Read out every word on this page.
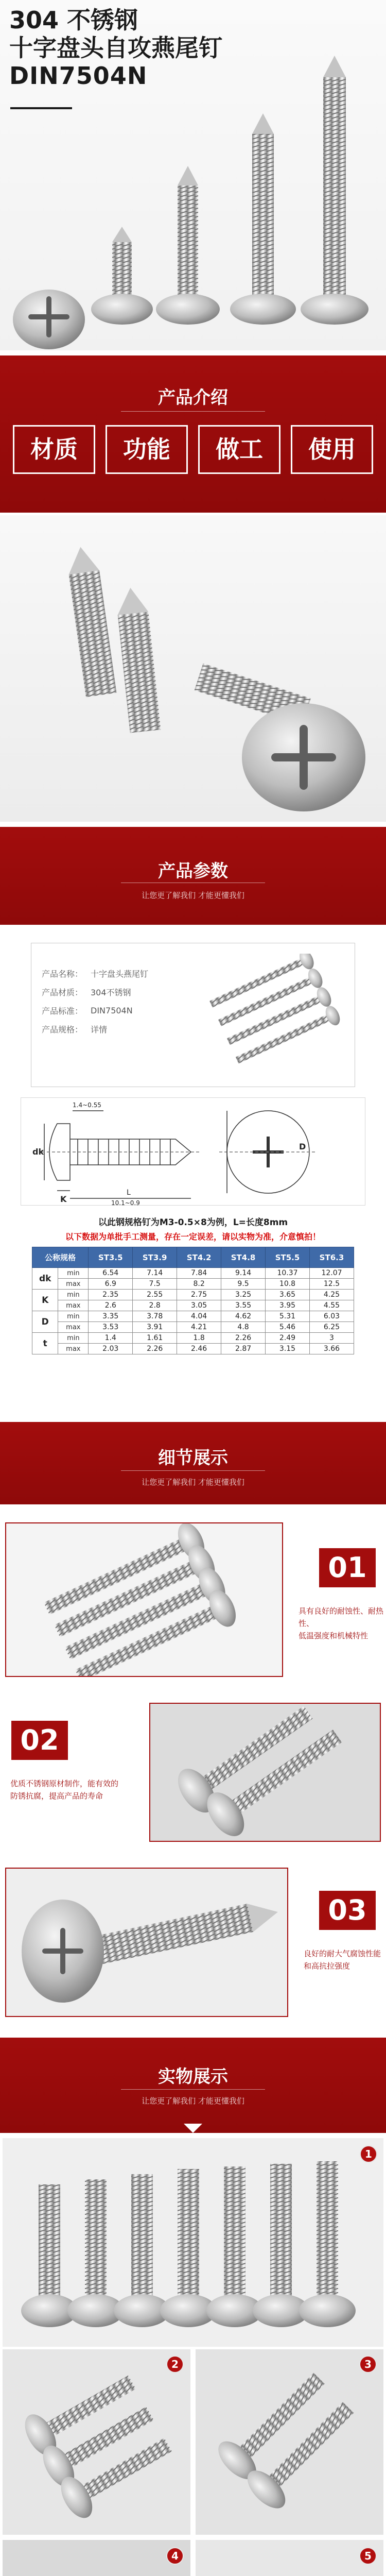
304 不锈钢
十字盘头自攻燕尾钉
DIN7504N
产品介绍
材质	功能	做工	使用
产品参数
让您更了解我们 才能更懂我们
产品名称： 十字盘头燕尾钉
产品材质： 304不锈钢
产品标准： DIN7504N
产品规格： 详情
dk
K
L
D
1.4~0.55
10.1~0.9
以此钢规格钉为M3-0.5×8为例，L=长度8mm
以下数据为单批手工测量，存在一定误差，请以实物为准，介意慎拍！
公称规格		ST3.5	ST3.9	ST4.2	ST4.8	ST5.5	ST6.3
dk	min	6.54	7.14	7.84	9.14	10.37	12.07
	max	6.9	7.5	8.2	9.5	10.8	12.5
K	min	2.35	2.55	2.75	3.25	3.65	4.25
	max	2.6	2.8	3.05	3.55	3.95	4.55
D	min	3.35	3.78	4.04	4.62	5.31	6.03
	max	3.53	3.91	4.21	4.8	5.46	6.25
t	min	1.4	1.61	1.8	2.26	2.49	3
	max	2.03	2.26	2.46	2.87	3.15	3.66
细节展示
让您更了解我们 才能更懂我们
01
具有良好的耐蚀性、耐热性、
低温强度和机械特性
02
优质不锈钢原材制作，能有效的
防锈抗腐，提高产品的寿命
03
良好的耐大气腐蚀性能
和高抗拉强度
实物展示
让您更了解我们 才能更懂我们
1
2	3
4	5
